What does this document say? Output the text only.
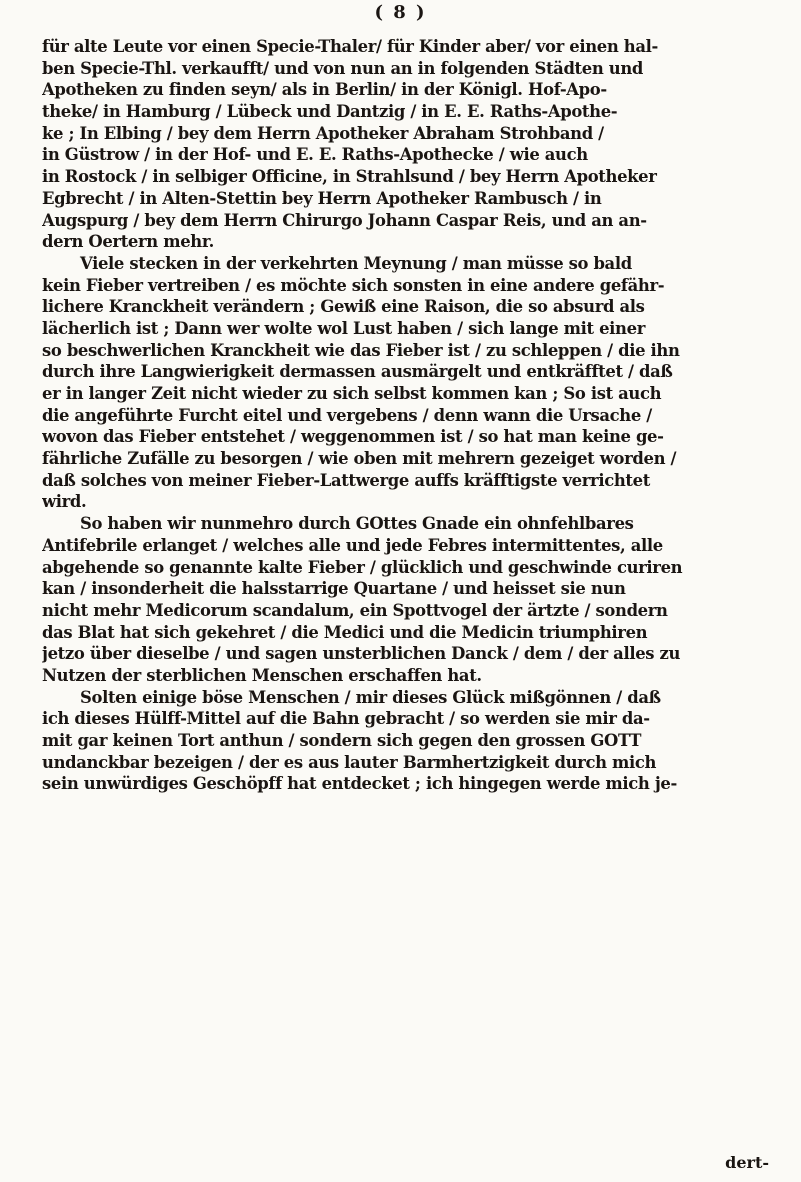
( 8 )
für alte Leute vor einen Specie-Thaler/ für Kinder aber/ vor einen hal-
ben Specie-Thl. verkaufft/ und von nun an in folgenden Städten und
Apotheken zu finden seyn/ als in Berlin/ in der Königl. Hof-Apo-
theke/ in Hamburg / Lübeck und Dantzig / in E. E. Raths-Apothe-
ke ; In Elbing / bey dem Herrn Apotheker Abraham Strohband /
in Güstrow / in der Hof- und E. E. Raths-Apothecke / wie auch
in Rostock / in selbiger Officine, in Strahlsund / bey Herrn Apotheker
Egbrecht / in Alten-Stettin bey Herrn Apotheker Rambusch / in
Augspurg / bey dem Herrn Chirurgo Johann Caspar Reis, und an an-
dern Oertern mehr.
Viele stecken in der verkehrten Meynung / man müsse so bald
kein Fieber vertreiben / es möchte sich sonsten in eine andere gefähr-
lichere Kranckheit verändern ; Gewiß eine Raison, die so absurd als
lächerlich ist ; Dann wer wolte wol Lust haben / sich lange mit einer
so beschwerlichen Kranckheit wie das Fieber ist / zu schleppen / die ihn
durch ihre Langwierigkeit dermassen ausmärgelt und entkräfftet / daß
er in langer Zeit nicht wieder zu sich selbst kommen kan ; So ist auch
die angeführte Furcht eitel und vergebens / denn wann die Ursache /
wovon das Fieber entstehet / weggenommen ist / so hat man keine ge-
fährliche Zufälle zu besorgen / wie oben mit mehrern gezeiget worden /
daß solches von meiner Fieber-Lattwerge auffs kräfftigste verrichtet
wird.
So haben wir nunmehro durch GOttes Gnade ein ohnfehlbares
Antifebrile erlanget / welches alle und jede Febres intermittentes, alle
abgehende so genannte kalte Fieber / glücklich und geschwinde curiren
kan / insonderheit die halsstarrige Quartane / und heisset sie nun
nicht mehr Medicorum scandalum, ein Spottvogel der ärtzte / sondern
das Blat hat sich gekehret / die Medici und die Medicin triumphiren
jetzo über dieselbe / und sagen unsterblichen Danck / dem / der alles zu
Nutzen der sterblichen Menschen erschaffen hat.
Solten einige böse Menschen / mir dieses Glück mißgönnen / daß
ich dieses Hülff-Mittel auf die Bahn gebracht / so werden sie mir da-
mit gar keinen Tort anthun / sondern sich gegen den grossen GOTT
undanckbar bezeigen / der es aus lauter Barmhertzigkeit durch mich
sein unwürdiges Geschöpff hat entdecket ; ich hingegen werde mich je-
dert-
